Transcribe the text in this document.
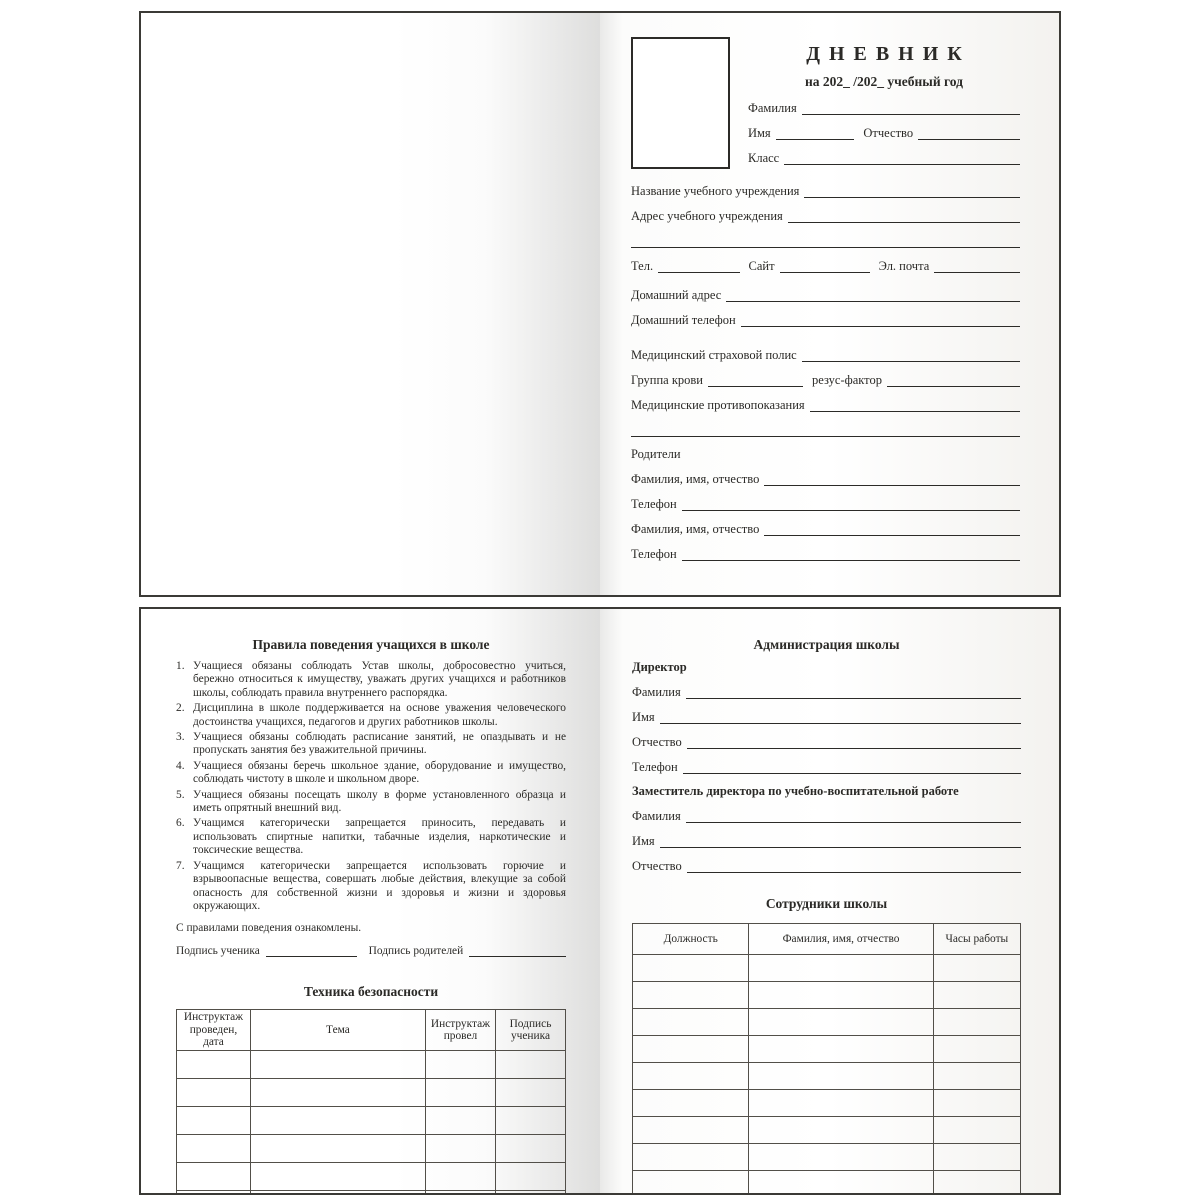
ДНЕВНИК
на 202_ /202_ учебный год
Фамилия
Имя	Отчество
Класс
Название учебного учреждения
Адрес учебного учреждения
Тел.	Сайт	Эл. почта
Домашний адрес
Домашний телефон
Медицинский страховой полис
Группа крови	резус-фактор
Медицинские противопоказания
Родители
Фамилия, имя, отчество
Телефон
Фамилия, имя, отчество
Телефон
Правила поведения учащихся в школе
1. Учащиеся обязаны соблюдать Устав школы, добросовестно учиться, бережно относиться к имуществу, уважать других учащихся и работников школы, соблюдать правила внутреннего распорядка.
2. Дисциплина в школе поддерживается на основе уважения человеческого достоинства учащихся, педагогов и других работников школы.
3. Учащиеся обязаны соблюдать расписание занятий, не опаздывать и не пропускать занятия без уважительной причины.
4. Учащиеся обязаны беречь школьное здание, оборудование и имущество, соблюдать чистоту в школе и школьном дворе.
5. Учащиеся обязаны посещать школу в форме установленного образца и иметь опрятный внешний вид.
6. Учащимся категорически запрещается приносить, передавать и использовать спиртные напитки, табачные изделия, наркотические и токсические вещества.
7. Учащимся категорически запрещается использовать горючие и взрывоопасные вещества, совершать любые действия, влекущие за собой опасность для собственной жизни и здоровья и жизни и здоровья окружающих.
С правилами поведения ознакомлены.
Подпись ученика	Подпись родителей
Техника безопасности
Инструктаж проведен, дата	Тема	Инструктаж провел	Подпись ученика

Администрация школы
Директор
Фамилия
Имя
Отчество
Телефон
Заместитель директора по учебно-воспитательной работе
Фамилия
Имя
Отчество
Сотрудники школы
Должность	Фамилия, имя, отчество	Часы работы
